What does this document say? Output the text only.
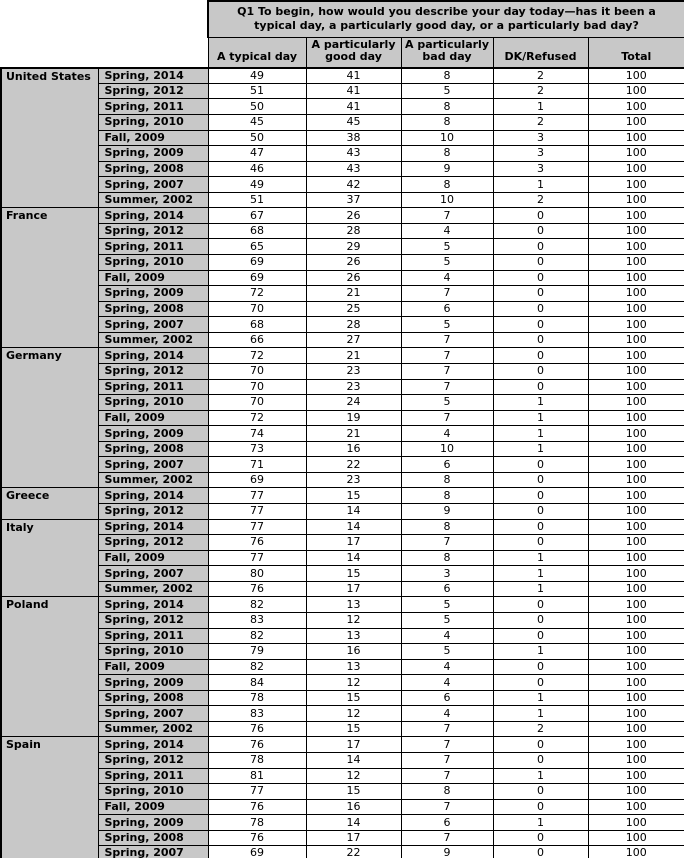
		Q1 To begin, how would you describe your day today—has it been a typical day, a particularly good day, or a particularly bad day?				
		A typical day	A particularly good day	A particularly bad day	DK/Refused	Total
United States	Spring, 2014	49	41	8	2	100
	Spring, 2012	51	41	5	2	100
	Spring, 2011	50	41	8	1	100
	Spring, 2010	45	45	8	2	100
	Fall, 2009	50	38	10	3	100
	Spring, 2009	47	43	8	3	100
	Spring, 2008	46	43	9	3	100
	Spring, 2007	49	42	8	1	100
	Summer, 2002	51	37	10	2	100
France	Spring, 2014	67	26	7	0	100
	Spring, 2012	68	28	4	0	100
	Spring, 2011	65	29	5	0	100
	Spring, 2010	69	26	5	0	100
	Fall, 2009	69	26	4	0	100
	Spring, 2009	72	21	7	0	100
	Spring, 2008	70	25	6	0	100
	Spring, 2007	68	28	5	0	100
	Summer, 2002	66	27	7	0	100
Germany	Spring, 2014	72	21	7	0	100
	Spring, 2012	70	23	7	0	100
	Spring, 2011	70	23	7	0	100
	Spring, 2010	70	24	5	1	100
	Fall, 2009	72	19	7	1	100
	Spring, 2009	74	21	4	1	100
	Spring, 2008	73	16	10	1	100
	Spring, 2007	71	22	6	0	100
	Summer, 2002	69	23	8	0	100
Greece	Spring, 2014	77	15	8	0	100
	Spring, 2012	77	14	9	0	100
Italy	Spring, 2014	77	14	8	0	100
	Spring, 2012	76	17	7	0	100
	Fall, 2009	77	14	8	1	100
	Spring, 2007	80	15	3	1	100
	Summer, 2002	76	17	6	1	100
Poland	Spring, 2014	82	13	5	0	100
	Spring, 2012	83	12	5	0	100
	Spring, 2011	82	13	4	0	100
	Spring, 2010	79	16	5	1	100
	Fall, 2009	82	13	4	0	100
	Spring, 2009	84	12	4	0	100
	Spring, 2008	78	15	6	1	100
	Spring, 2007	83	12	4	1	100
	Summer, 2002	76	15	7	2	100
Spain	Spring, 2014	76	17	7	0	100
	Spring, 2012	78	14	7	0	100
	Spring, 2011	81	12	7	1	100
	Spring, 2010	77	15	8	0	100
	Fall, 2009	76	16	7	0	100
	Spring, 2009	78	14	6	1	100
	Spring, 2008	76	17	7	0	100
	Spring, 2007	69	22	9	0	100
